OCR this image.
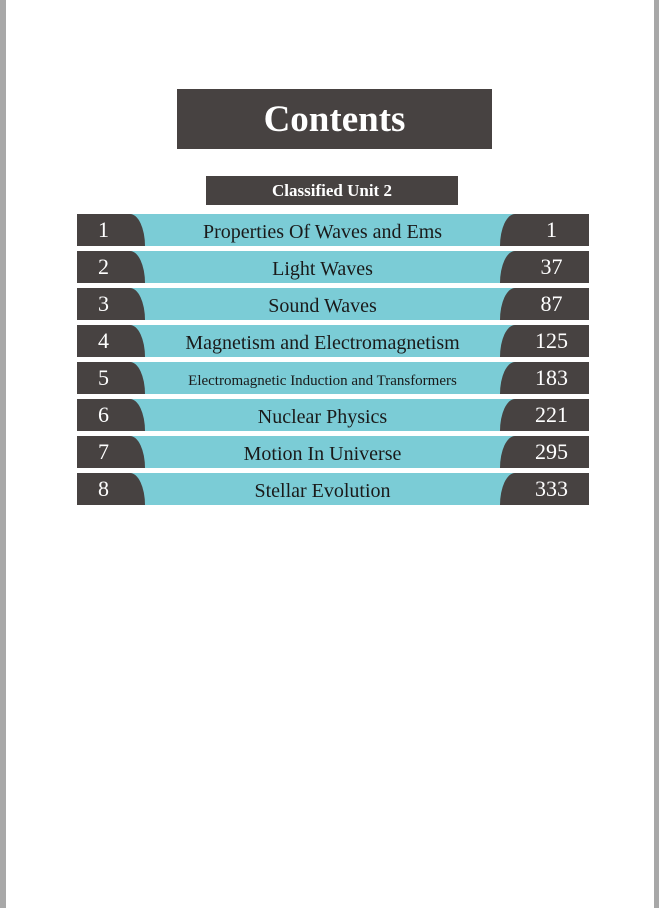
Contents
Classified Unit 2
1	Properties Of Waves and Ems	1
2	Light Waves	37
3	Sound Waves	87
4	Magnetism and Electromagnetism	125
5	Electromagnetic Induction and Transformers	183
6	Nuclear Physics	221
7	Motion In Universe	295
8	Stellar Evolution	333
